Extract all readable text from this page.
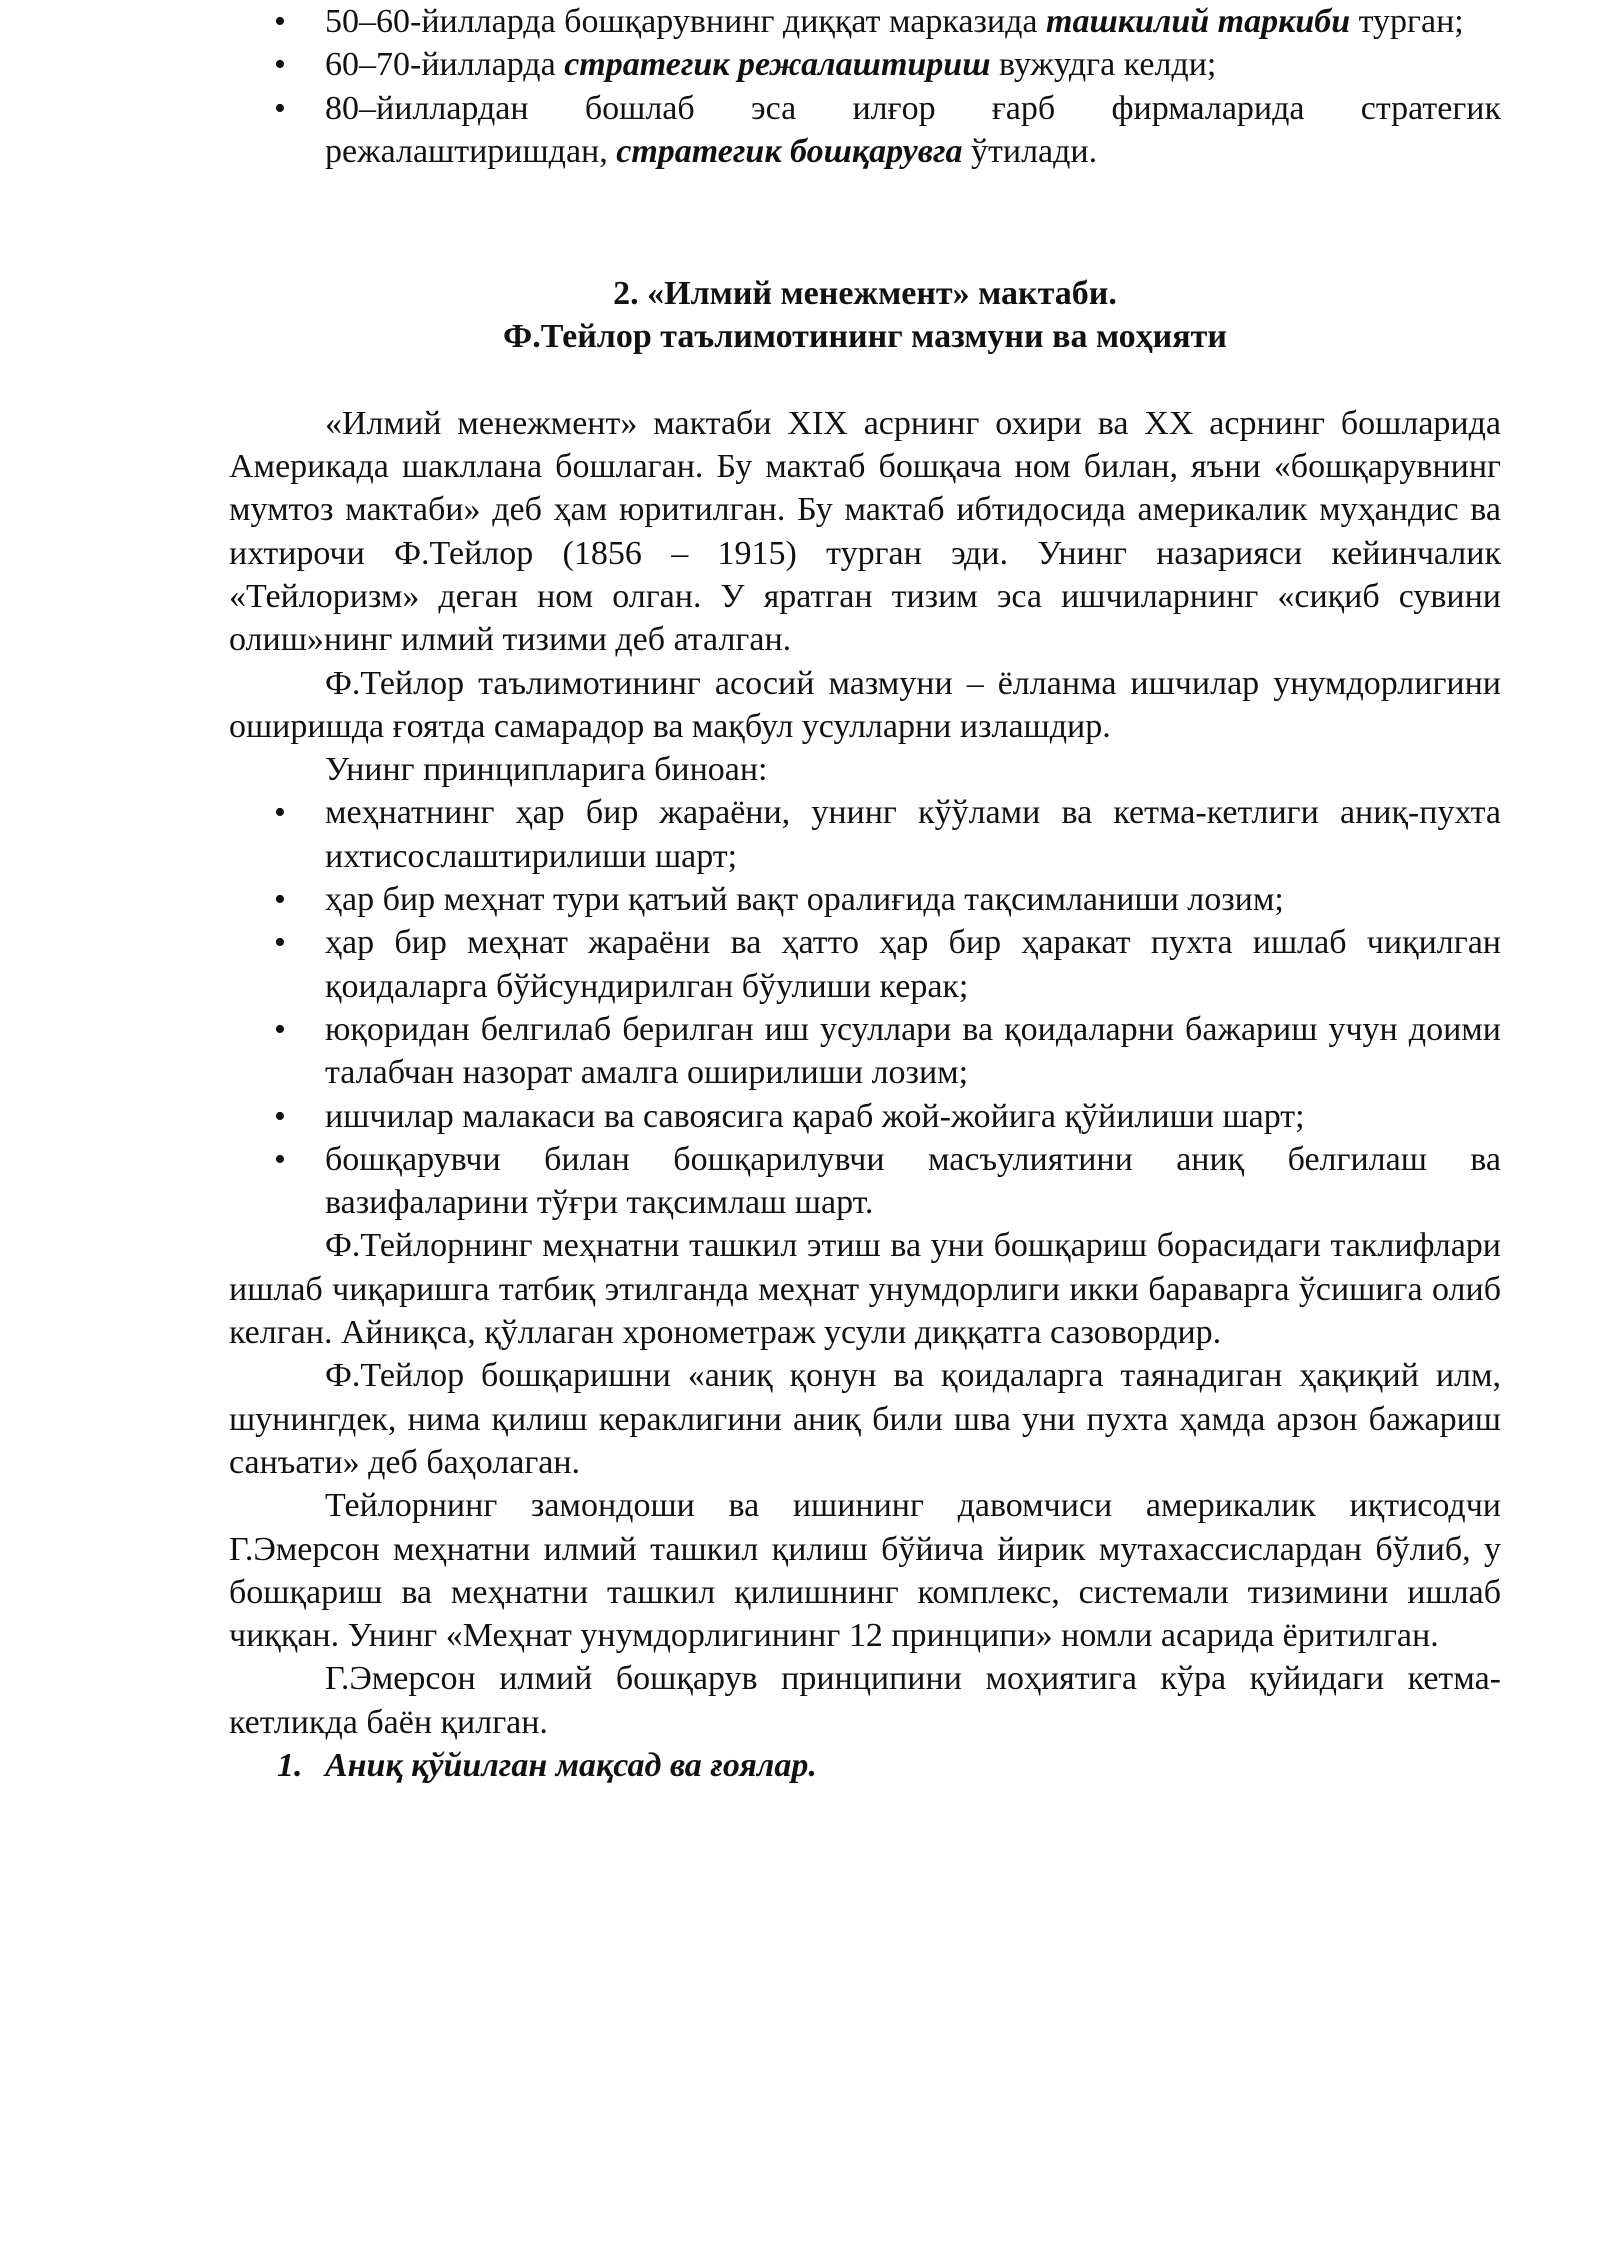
• 50–60-йилларда бошқарувнинг диққат марказида ташкилий таркиби турган;
• 60–70-йилларда стратегик режалаштириш вужудга келди;
• 80–йиллардан бошлаб эса илғор ғарб фирмаларида стратегик режалаштиришдан, стратегик бошқарувга ўтилади.
2. «Илмий менежмент» мактаби.
Ф.Тейлор таълимотининг мазмуни ва моҳияти

«Илмий менежмент» мактаби XIX асрнинг охири ва XX асрнинг бошларида Америкада шакллана бошлаган. Бу мактаб бошқача ном билан, яъни «бошқарувнинг мумтоз мактаби» деб ҳам юритилган. Бу мактаб ибтидосида америкалик муҳандис ва ихтирочи Ф.Тейлор (1856 – 1915) турган эди. Унинг назарияси кейинчалик «Тейлоризм» деган ном олган. У яратган тизим эса ишчиларнинг «сиқиб сувини олиш»нинг илмий тизими деб аталган.

Ф.Тейлор таълимотининг асосий мазмуни – ёлланма ишчилар унумдорлигини оширишда ғоятда самарадор ва мақбул усулларни излашдир.

Унинг принципларига биноан:

• меҳнатнинг ҳар бир жараёни, унинг кўўлами ва кетма-кетлиги аниқ-пухта ихтисослаштирилиши шарт;
• ҳар бир меҳнат тури қатъий вақт оралиғида тақсимланиши лозим;
• ҳар бир меҳнат жараёни ва ҳатто ҳар бир ҳаракат пухта ишлаб чиқилган қоидаларга бўйсундирилган бўулиши керак;
• юқоридан белгилаб берилган иш усуллари ва қоидаларни бажариш учун доими талабчан назорат амалга оширилиши лозим;
• ишчилар малакаси ва савоясига қараб жой-жойига қўйилиши шарт;
• бошқарувчи билан бошқарилувчи масъулиятини аниқ белгилаш ва вазифаларини тўғри тақсимлаш шарт.

Ф.Тейлорнинг меҳнатни ташкил этиш ва уни бошқариш борасидаги таклифлари ишлаб чиқаришга татбиқ этилганда меҳнат унумдорлиги икки бараварга ўсишига олиб келган. Айниқса, қўллаган хронометраж усули диққатга сазовордир.

Ф.Тейлор бошқаришни «аниқ қонун ва қоидаларга таянадиган ҳақиқий илм, шунингдек, нима қилиш кераклигини аниқ били шва уни пухта ҳамда арзон бажариш санъати» деб баҳолаган.

Тейлорнинг замондоши ва ишининг давомчиси америкалик иқтисодчи Г.Эмерсон меҳнатни илмий ташкил қилиш бўйича йирик мутахассислардан бўлиб, у бошқариш ва меҳнатни ташкил қилишнинг комплекс, системали тизимини ишлаб чиққан. Унинг «Меҳнат унумдорлигининг 12 принципи» номли асарида ёритилган.

Г.Эмерсон илмий бошқарув принципини моҳиятига кўра қуйидаги кетма-кетликда баён қилган.

1. Аниқ қўйилган мақсад ва ғоялар.
